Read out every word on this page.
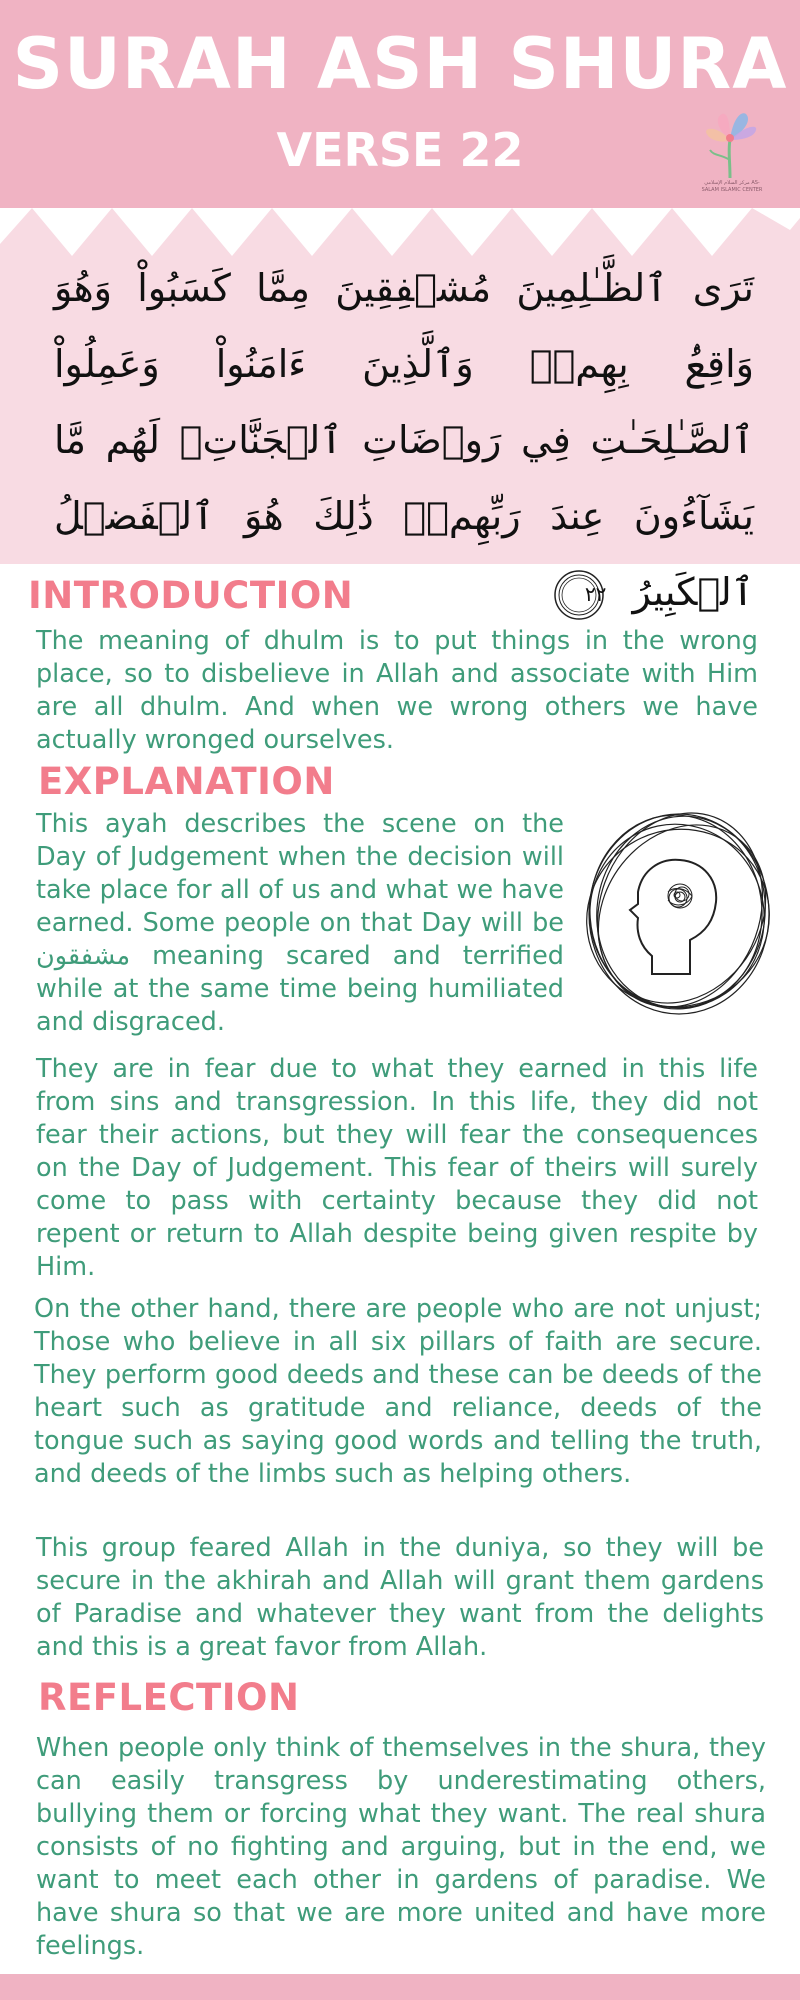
SURAH ASH SHURA
VERSE 22
مركز السلام الإسلامي AS-SALAM ISLAMIC CENTER
تَرَى ٱلظَّـٰلِمِينَ مُشۡفِقِينَ مِمَّا كَسَبُواْ وَهُوَ وَاقِعُۢ بِهِمۡۗ وَٱلَّذِينَ ءَامَنُواْ وَعَمِلُواْ ٱلصَّـٰلِحَـٰتِ فِي رَوۡضَاتِ ٱلۡجَنَّاتِۖ لَهُم مَّا يَشَآءُونَ عِندَ رَبِّهِمۡۚ ذَٰلِكَ هُوَ ٱلۡفَضۡلُ ٱلۡكَبِيرُ
٢٢
INTRODUCTION
The meaning of dhulm is to put things in the wrong place, so to disbelieve in Allah and associate with Him are all dhulm. And when we wrong others we have actually wronged ourselves.
EXPLANATION
This ayah describes the scene on the Day of Judgement when the decision will take place for all of us and what we have earned. Some people on that Day will be مشفقون meaning scared and terrified while at the same time being humiliated and disgraced.
They are in fear due to what they earned in this life from sins and transgression. In this life, they did not fear their actions, but they will fear the consequences on the Day of Judgement. This fear of theirs will surely come to pass with certainty because they did not repent or return to Allah despite being given respite by Him.
On the other hand, there are people who are not unjust; Those who believe in all six pillars of faith are secure. They perform good deeds and these can be deeds of the heart such as gratitude and reliance, deeds of the tongue such as saying good words and telling the truth, and deeds of the limbs such as helping others.
This group feared Allah in the duniya, so they will be secure in the akhirah and Allah will grant them gardens of Paradise and whatever they want from the delights and this is a great favor from Allah.
REFLECTION
When people only think of themselves in the shura, they can easily transgress by underestimating others, bullying them or forcing what they want. The real shura consists of no fighting and arguing, but in the end, we want to meet each other in gardens of paradise. We have shura so that we are more united and have more feelings.
